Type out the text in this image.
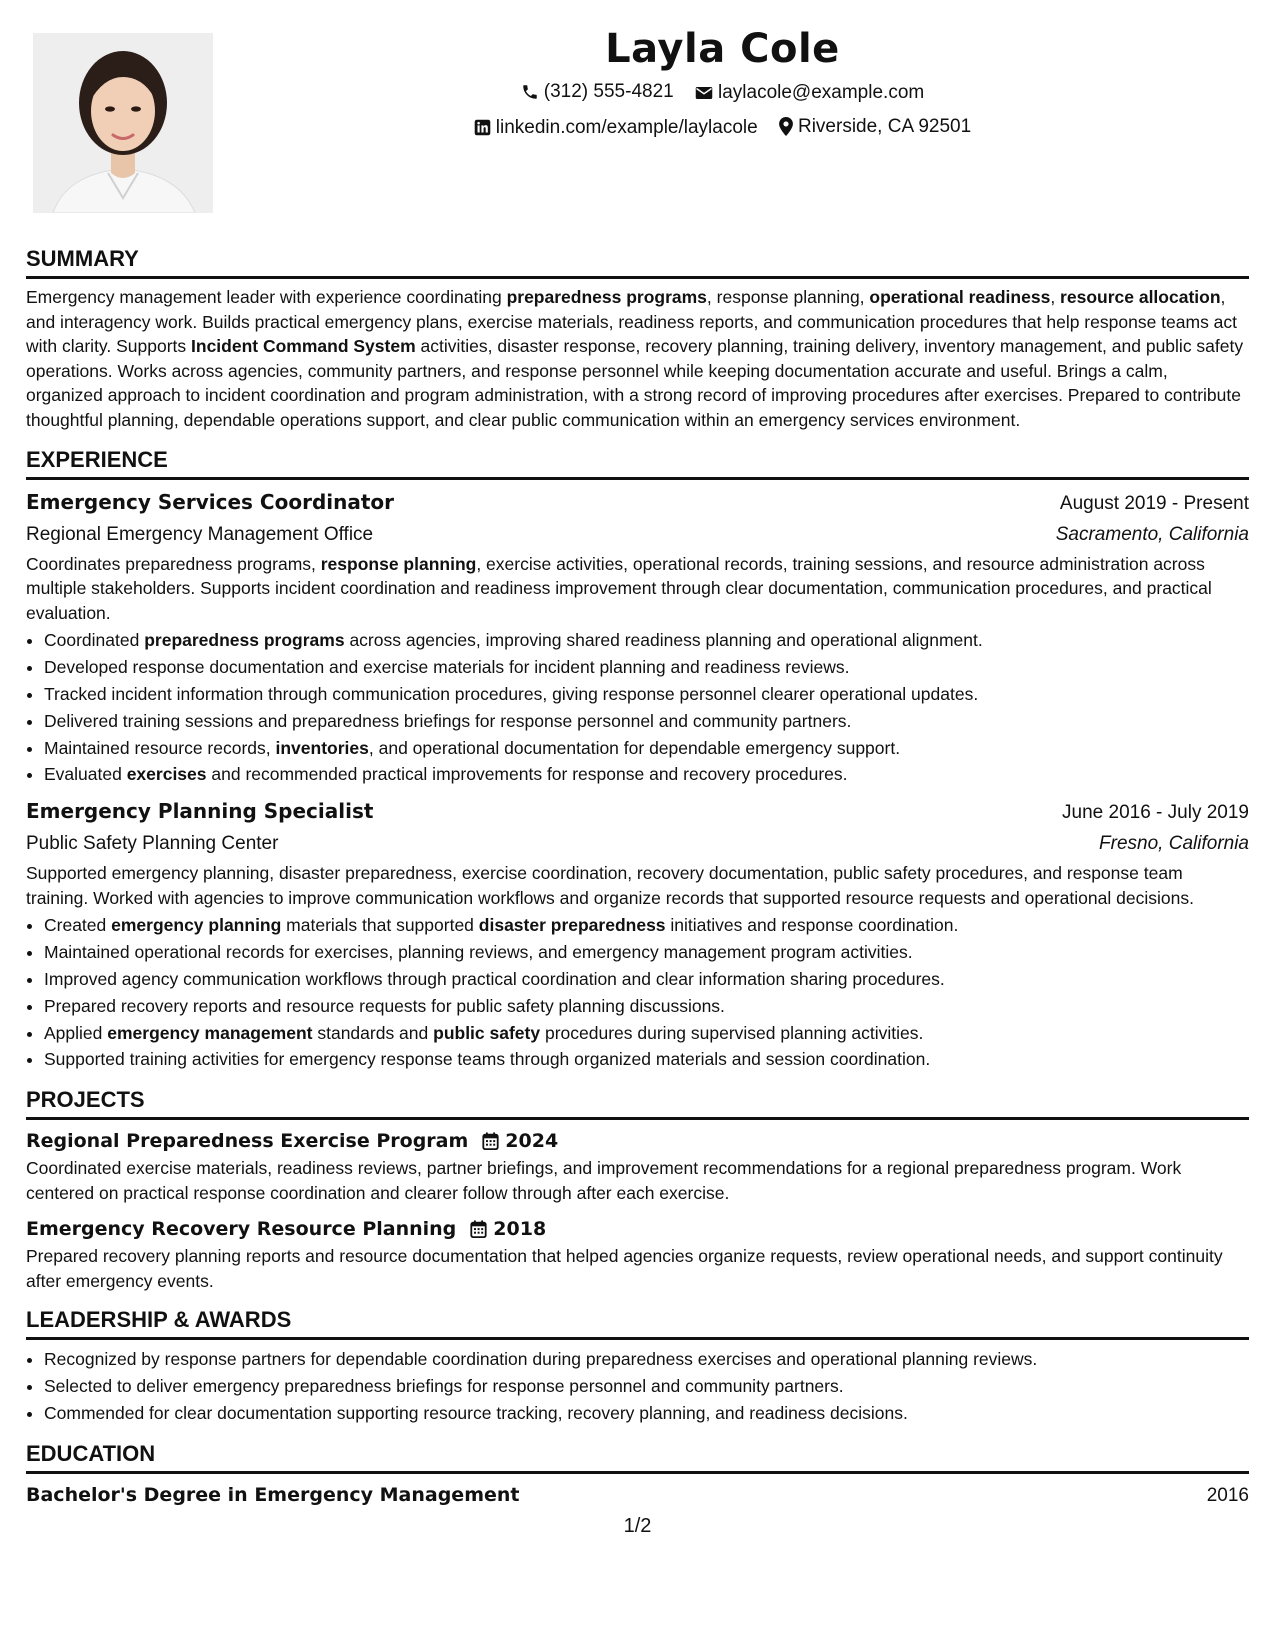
Layla Cole
(312) 555-4821
laylacole@example.com
linkedin.com/example/laylacole
Riverside, CA 92501
SUMMARY

Emergency management leader with experience coordinating preparedness programs, response planning, operational readiness, resource allocation, and interagency work. Builds practical emergency plans, exercise materials, readiness reports, and communication procedures that help response teams act with clarity. Supports Incident Command System activities, disaster response, recovery planning, training delivery, inventory management, and public safety operations. Works across agencies, community partners, and response personnel while keeping documentation accurate and useful. Brings a calm, organized approach to incident coordination and program administration, with a strong record of improving procedures after exercises. Prepared to contribute thoughtful planning, dependable operations support, and clear public communication within an emergency services environment.

EXPERIENCE
Emergency Services Coordinator	August 2019 - Present
Regional Emergency Management Office	Sacramento, California

Coordinates preparedness programs, response planning, exercise activities, operational records, training sessions, and resource administration across multiple stakeholders. Supports incident coordination and readiness improvement through clear documentation, communication procedures, and practical evaluation.

• Coordinated preparedness programs across agencies, improving shared readiness planning and operational alignment.
• Developed response documentation and exercise materials for incident planning and readiness reviews.
• Tracked incident information through communication procedures, giving response personnel clearer operational updates.
• Delivered training sessions and preparedness briefings for response personnel and community partners.
• Maintained resource records, inventories, and operational documentation for dependable emergency support.
• Evaluated exercises and recommended practical improvements for response and recovery procedures.
Emergency Planning Specialist	June 2016 - July 2019
Public Safety Planning Center	Fresno, California

Supported emergency planning, disaster preparedness, exercise coordination, recovery documentation, public safety procedures, and response team training. Worked with agencies to improve communication workflows and organize records that supported resource requests and operational decisions.

• Created emergency planning materials that supported disaster preparedness initiatives and response coordination.
• Maintained operational records for exercises, planning reviews, and emergency management program activities.
• Improved agency communication workflows through practical coordination and clear information sharing procedures.
• Prepared recovery reports and resource requests for public safety planning discussions.
• Applied emergency management standards and public safety procedures during supervised planning activities.
• Supported training activities for emergency response teams through organized materials and session coordination.
PROJECTS
Regional Preparedness Exercise Program 2024

Coordinated exercise materials, readiness reviews, partner briefings, and improvement recommendations for a regional preparedness program. Work centered on practical response coordination and clearer follow through after each exercise.

Emergency Recovery Resource Planning 2018

Prepared recovery planning reports and resource documentation that helped agencies organize requests, review operational needs, and support continuity after emergency events.

LEADERSHIP & AWARDS
• Recognized by response partners for dependable coordination during preparedness exercises and operational planning reviews.
• Selected to deliver emergency preparedness briefings for response personnel and community partners.
• Commended for clear documentation supporting resource tracking, recovery planning, and readiness decisions.
EDUCATION
Bachelor's Degree in Emergency Management	2016
1/2
